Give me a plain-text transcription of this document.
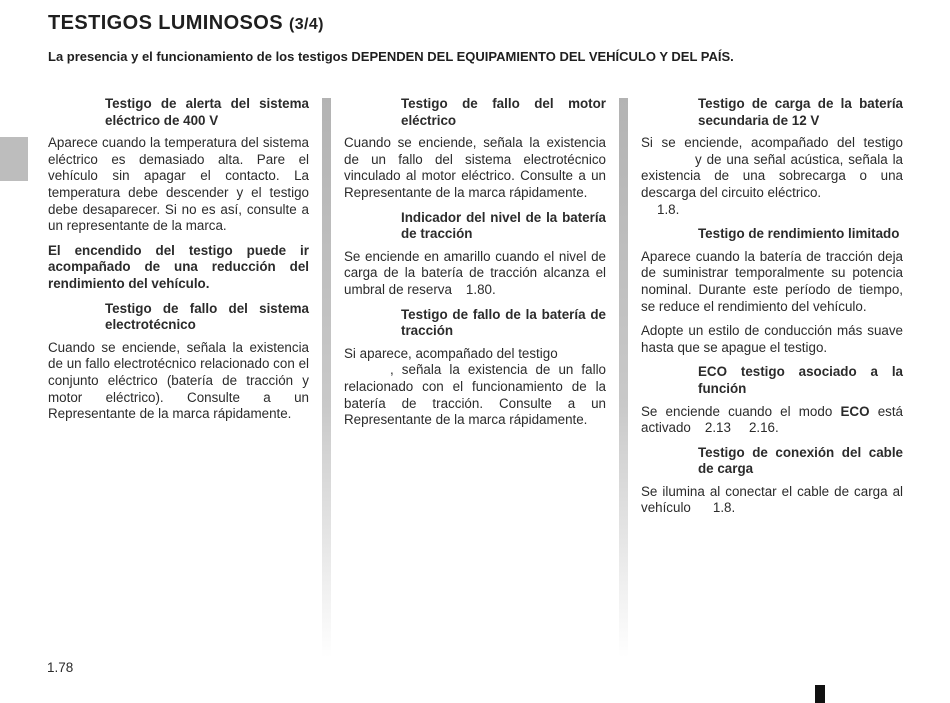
TESTIGOS LUMINOSOS (3/4)

La presencia y el funcionamiento de los testigos DEPENDEN DEL EQUIPAMIENTO DEL VEHÍCULO Y DEL PAÍS.

Testigo de alerta del sistema eléctrico de 400 V

Aparece cuando la temperatura del sistema eléctrico es demasiado alta. Pare el vehículo sin apagar el contacto. La temperatura debe descender y el testigo debe desaparecer. Si no es así, consulte a un representante de la marca.

El encendido del testigo puede ir acompañado de una reducción del rendimiento del vehículo.

Testigo de fallo del sistema electrotécnico

Cuando se enciende, señala la existencia de un fallo electrotécnico relacionado con el conjunto eléctrico (batería de tracción y motor eléctrico). Consulte a un Representante de la marca rápidamente.

Testigo de fallo del motor eléctrico

Cuando se enciende, señala la existencia de un fallo del sistema electrotécnico vinculado al motor eléctrico. Consulte a un Representante de la marca rápidamente.

Indicador del nivel de la batería de tracción

Se enciende en amarillo cuando el nivel de carga de la batería de tracción alcanza el umbral de reserva 1.80.

Testigo de fallo de la batería de tracción

Si aparece, acompañado del testigo
, señala la existencia de un fallo relacionado con el funcionamiento de la batería de tracción. Consulte a un Representante de la marca rápidamente.

Testigo de carga de la batería secundaria de 12 V

Si se enciende, acompañado del testigoy de una señal acústica, señala la existencia de una sobrecarga o una descarga del circuito eléctrico.
1.8.

Testigo de rendimiento limitado

Aparece cuando la batería de tracción deja de suministrar temporalmente su potencia nominal. Durante este período de tiempo, se reduce el rendimiento del vehículo.

Adopte un estilo de conducción más suave hasta que se apague el testigo.

ECO testigo asociado a la función

Se enciende cuando el modo ECO está activado 2.13 2.16.

Testigo de conexión del cable de carga

Se ilumina al conectar el cable de carga al vehículo 1.8.

1.78
